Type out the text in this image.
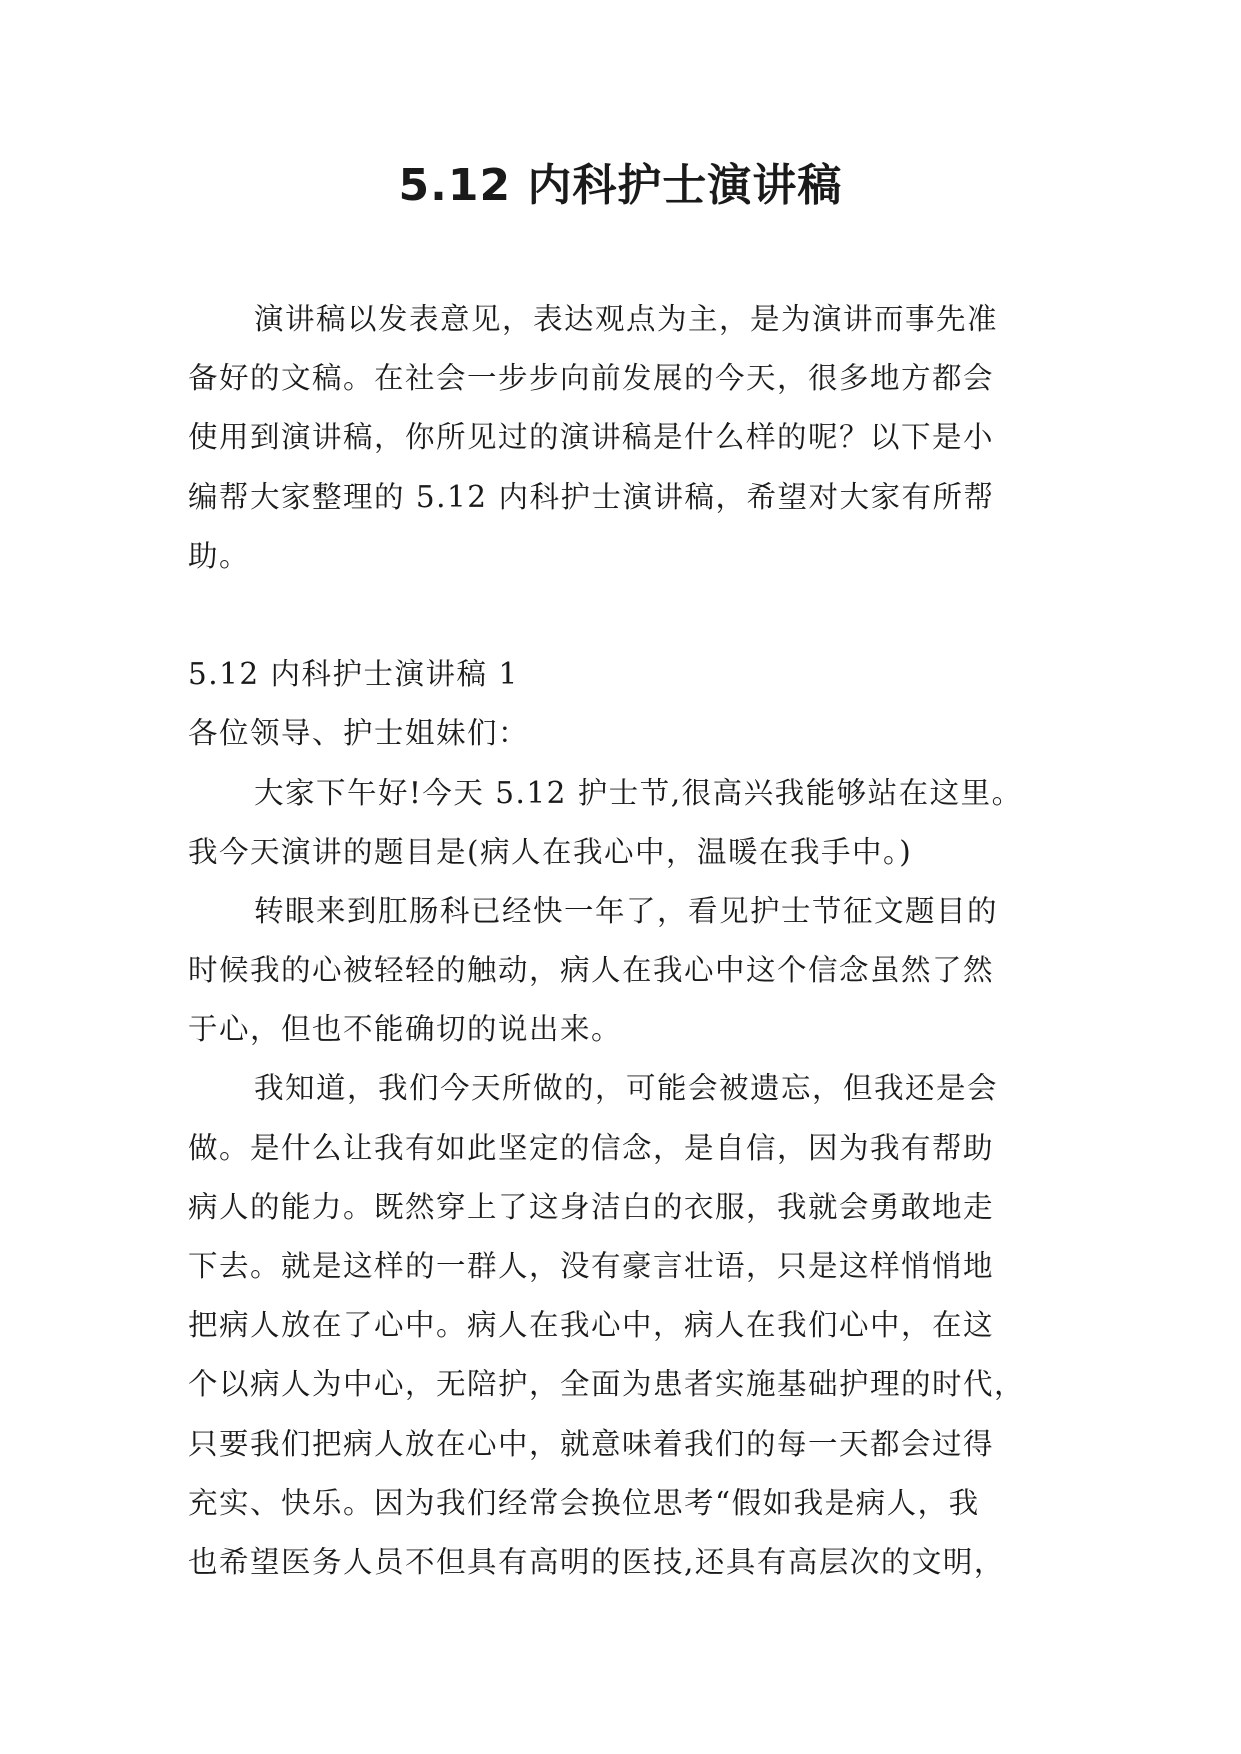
5.12 内科护士演讲稿
演讲稿以发表意见，表达观点为主，是为演讲而事先准
备好的文稿。在社会一步步向前发展的今天，很多地方都会
使用到演讲稿，你所见过的演讲稿是什么样的呢？以下是小
编帮大家整理的 5.12 内科护士演讲稿，希望对大家有所帮
助。
5.12 内科护士演讲稿 1
各位领导、护士姐妹们：
大家下午好!今天 5.12 护士节,很高兴我能够站在这里。
我今天演讲的题目是(病人在我心中，温暖在我手中。)
转眼来到肛肠科已经快一年了，看见护士节征文题目的
时候我的心被轻轻的触动，病人在我心中这个信念虽然了然
于心，但也不能确切的说出来。
我知道，我们今天所做的，可能会被遗忘，但我还是会
做。是什么让我有如此坚定的信念，是自信，因为我有帮助
病人的能力。既然穿上了这身洁白的衣服，我就会勇敢地走
下去。就是这样的一群人，没有豪言壮语，只是这样悄悄地
把病人放在了心中。病人在我心中，病人在我们心中，在这
个以病人为中心，无陪护，全面为患者实施基础护理的时代，
只要我们把病人放在心中，就意味着我们的每一天都会过得
充实、快乐。因为我们经常会换位思考“假如我是病人，我
也希望医务人员不但具有高明的医技,还具有高层次的文明，
